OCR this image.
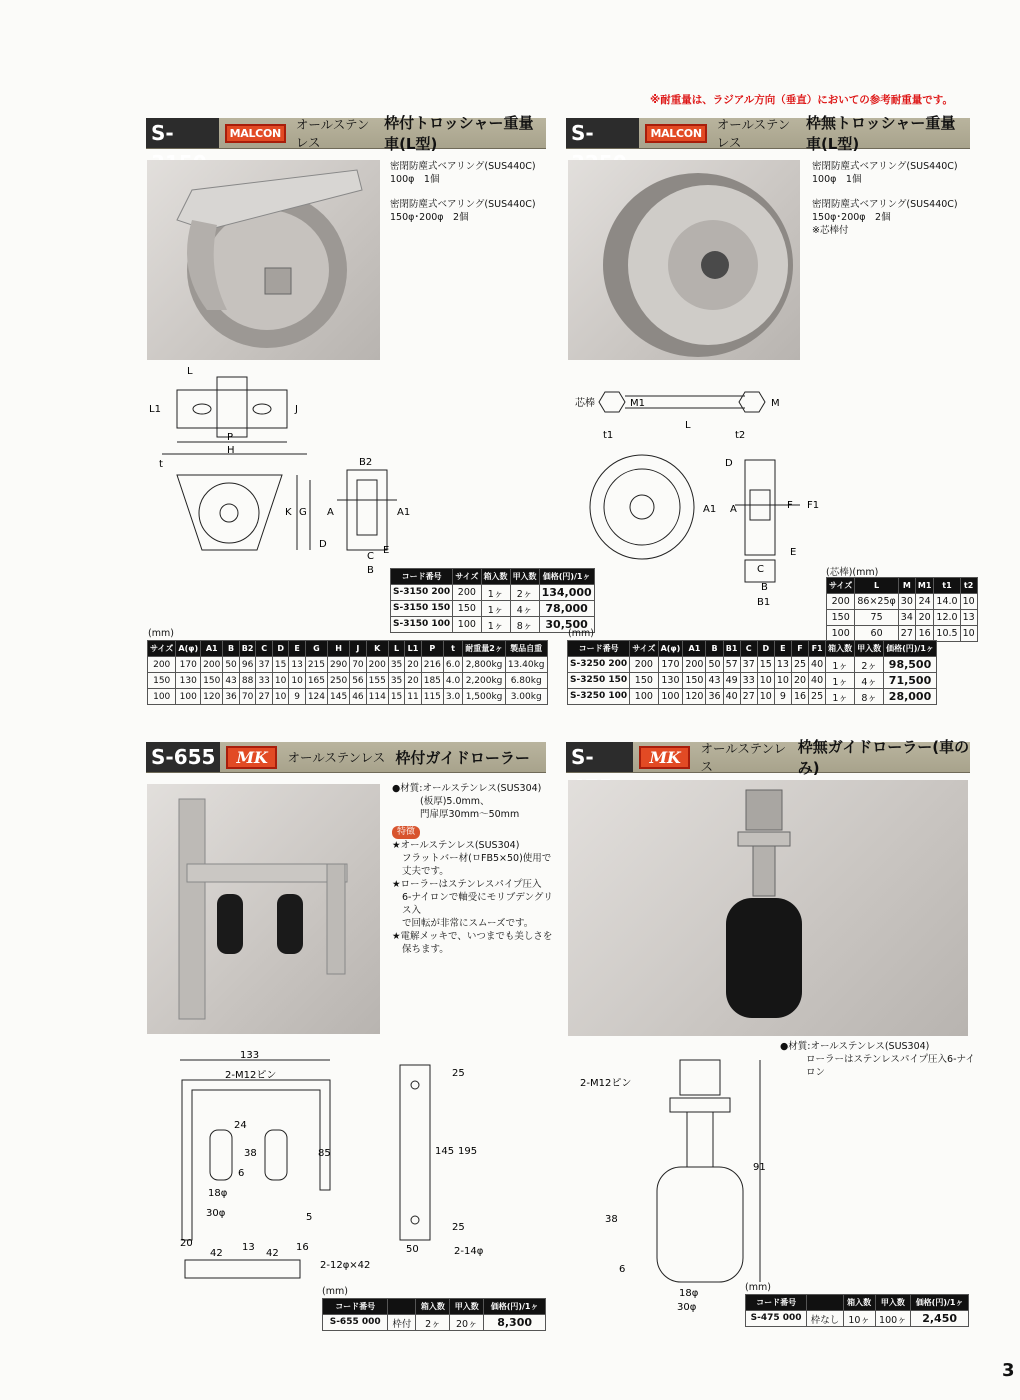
※耐重量は、ラジアル方向（垂直）においての参考耐重量です。
S-	MALCON
オールステンレス
枠付トロッシャー重量車(L型)
密閉防塵式ベアリング(SUS440C)
100φ　1個
密閉防塵式ベアリング(SUS440C)
150φ･200φ　2個
L
L1	J
P
H
t
K G
B2
A	A1
D
C
E
B
コード番号	サイズ	箱入数	甲入数	価格(円)/1ヶ
S-3150 200	200	1ヶ	2ヶ	134,000
S-3150 150	150	1ヶ	4ヶ	78,000
S-3150 100	100	1ヶ	8ヶ	30,500
(mm)
サイズ	A(φ)	A1	B	B2	C	D	E	G	H	J	K	L	L1	P	t	耐重量2ヶ	製品自重
200	170	200	50	96	37	15	13	215	290	70	200	35	20	216	6.0	2,800kg	13.40kg
150	130	150	43	88	33	10	10	165	250	56	155	35	20	185	4.0	2,200kg	6.80kg
100	100	120	36	70	27	10	9	124	145	46	114	15	11	115	3.0	1,500kg	3.00kg
S-	MALCON
オールステンレス
枠無トロッシャー重量車(L型)
密閉防塵式ベアリング(SUS440C)
100φ　1個
密閉防塵式ベアリング(SUS440C)
150φ･200φ　2個
※芯棒付
芯棒	M1	M
L
t1	t2
D
A1 A	F F1
E
C
B
B1
(芯棒)(mm)
サイズ	L	M	M1	t1	t2
200	86×25φ	30	24	14.0	10
150	75	34	20	12.0	13
100	60	27	16	10.5	10
(mm)
コード番号	サイズ	A(φ)	A1	B	B1	C	D	E	F	F1	箱入数	甲入数	価格(円)/1ヶ
S-3250 200	200	170	200	50	57	37	15	13	25	40	1ヶ	2ヶ	98,500
S-3250 150	150	130	150	43	49	33	10	10	20	40	1ヶ	4ヶ	71,500
S-3250 100	100	100	120	36	40	27	10	9	16	25	1ヶ	8ヶ	28,000
S-655	MK	オールステンレス 枠付ガイドローラー
●材質:オールステンレス(SUS304)
(板厚)5.0mm、
門扉厚30mm～50mm
特徴
★オールステンレス(SUS304)
フラットバー材(ㅁFB5×50)使用で
丈夫です。
★ローラーはステンレスパイプ圧入
6-ナイロンで軸受にモリブデングリス入
で回転が非常にスムーズです。
★電解メッキで、いつまでも美しさを
保ちます。
133
2-M12ピン
24
38
6
85
5
18φ
30φ
20
42
13
42
16
25
145 195
25
50	2-14φ
2-12φ×42
(mm)
コード番号		箱入数	甲入数	価格(円)/1ヶ
S-655 000	枠付	2ヶ	20ヶ	8,300
S-	MK	オールステンレス
枠無ガイドローラー(車のみ)
●材質:オールステンレス(SUS304)
ローラーはステンレスパイプ圧入6-ナイロン
2-M12ピン
91
38
6
18φ
30φ
(mm)
コード番号		箱入数	甲入数	価格(円)/1ヶ
S-475 000	枠なし	10ヶ	100ヶ	2,450
3
